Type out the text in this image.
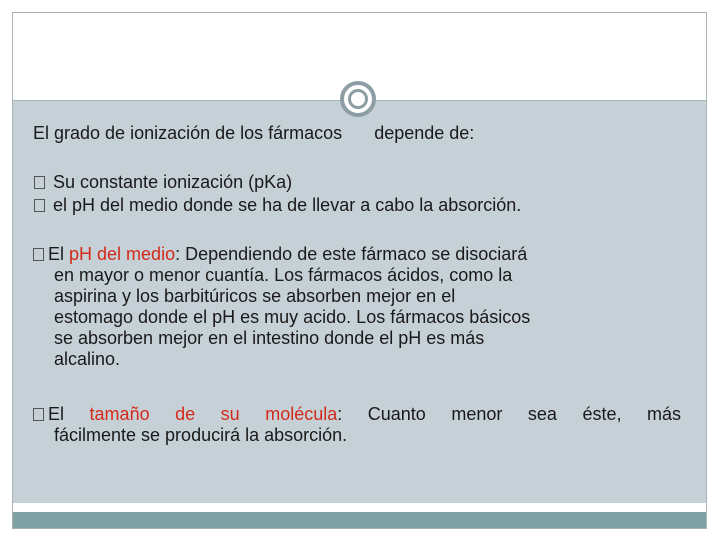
El grado de ionización de los fármacos depende de:

Su constante ionización (pKa)

el pH del medio donde se ha de llevar a cabo la absorción.

El pH del medio: Dependiendo de este fármaco se disociará
en mayor o menor cuantía. Los fármacos ácidos, como la
aspirina y los barbitúricos se absorben mejor en el
estomago donde el pH es muy acido. Los fármacos básicos
se absorben mejor en el intestino donde el pH es más
alcalino.
El tamaño de su molécula: Cuanto menor sea éste, más
fácilmente se producirá la absorción.
